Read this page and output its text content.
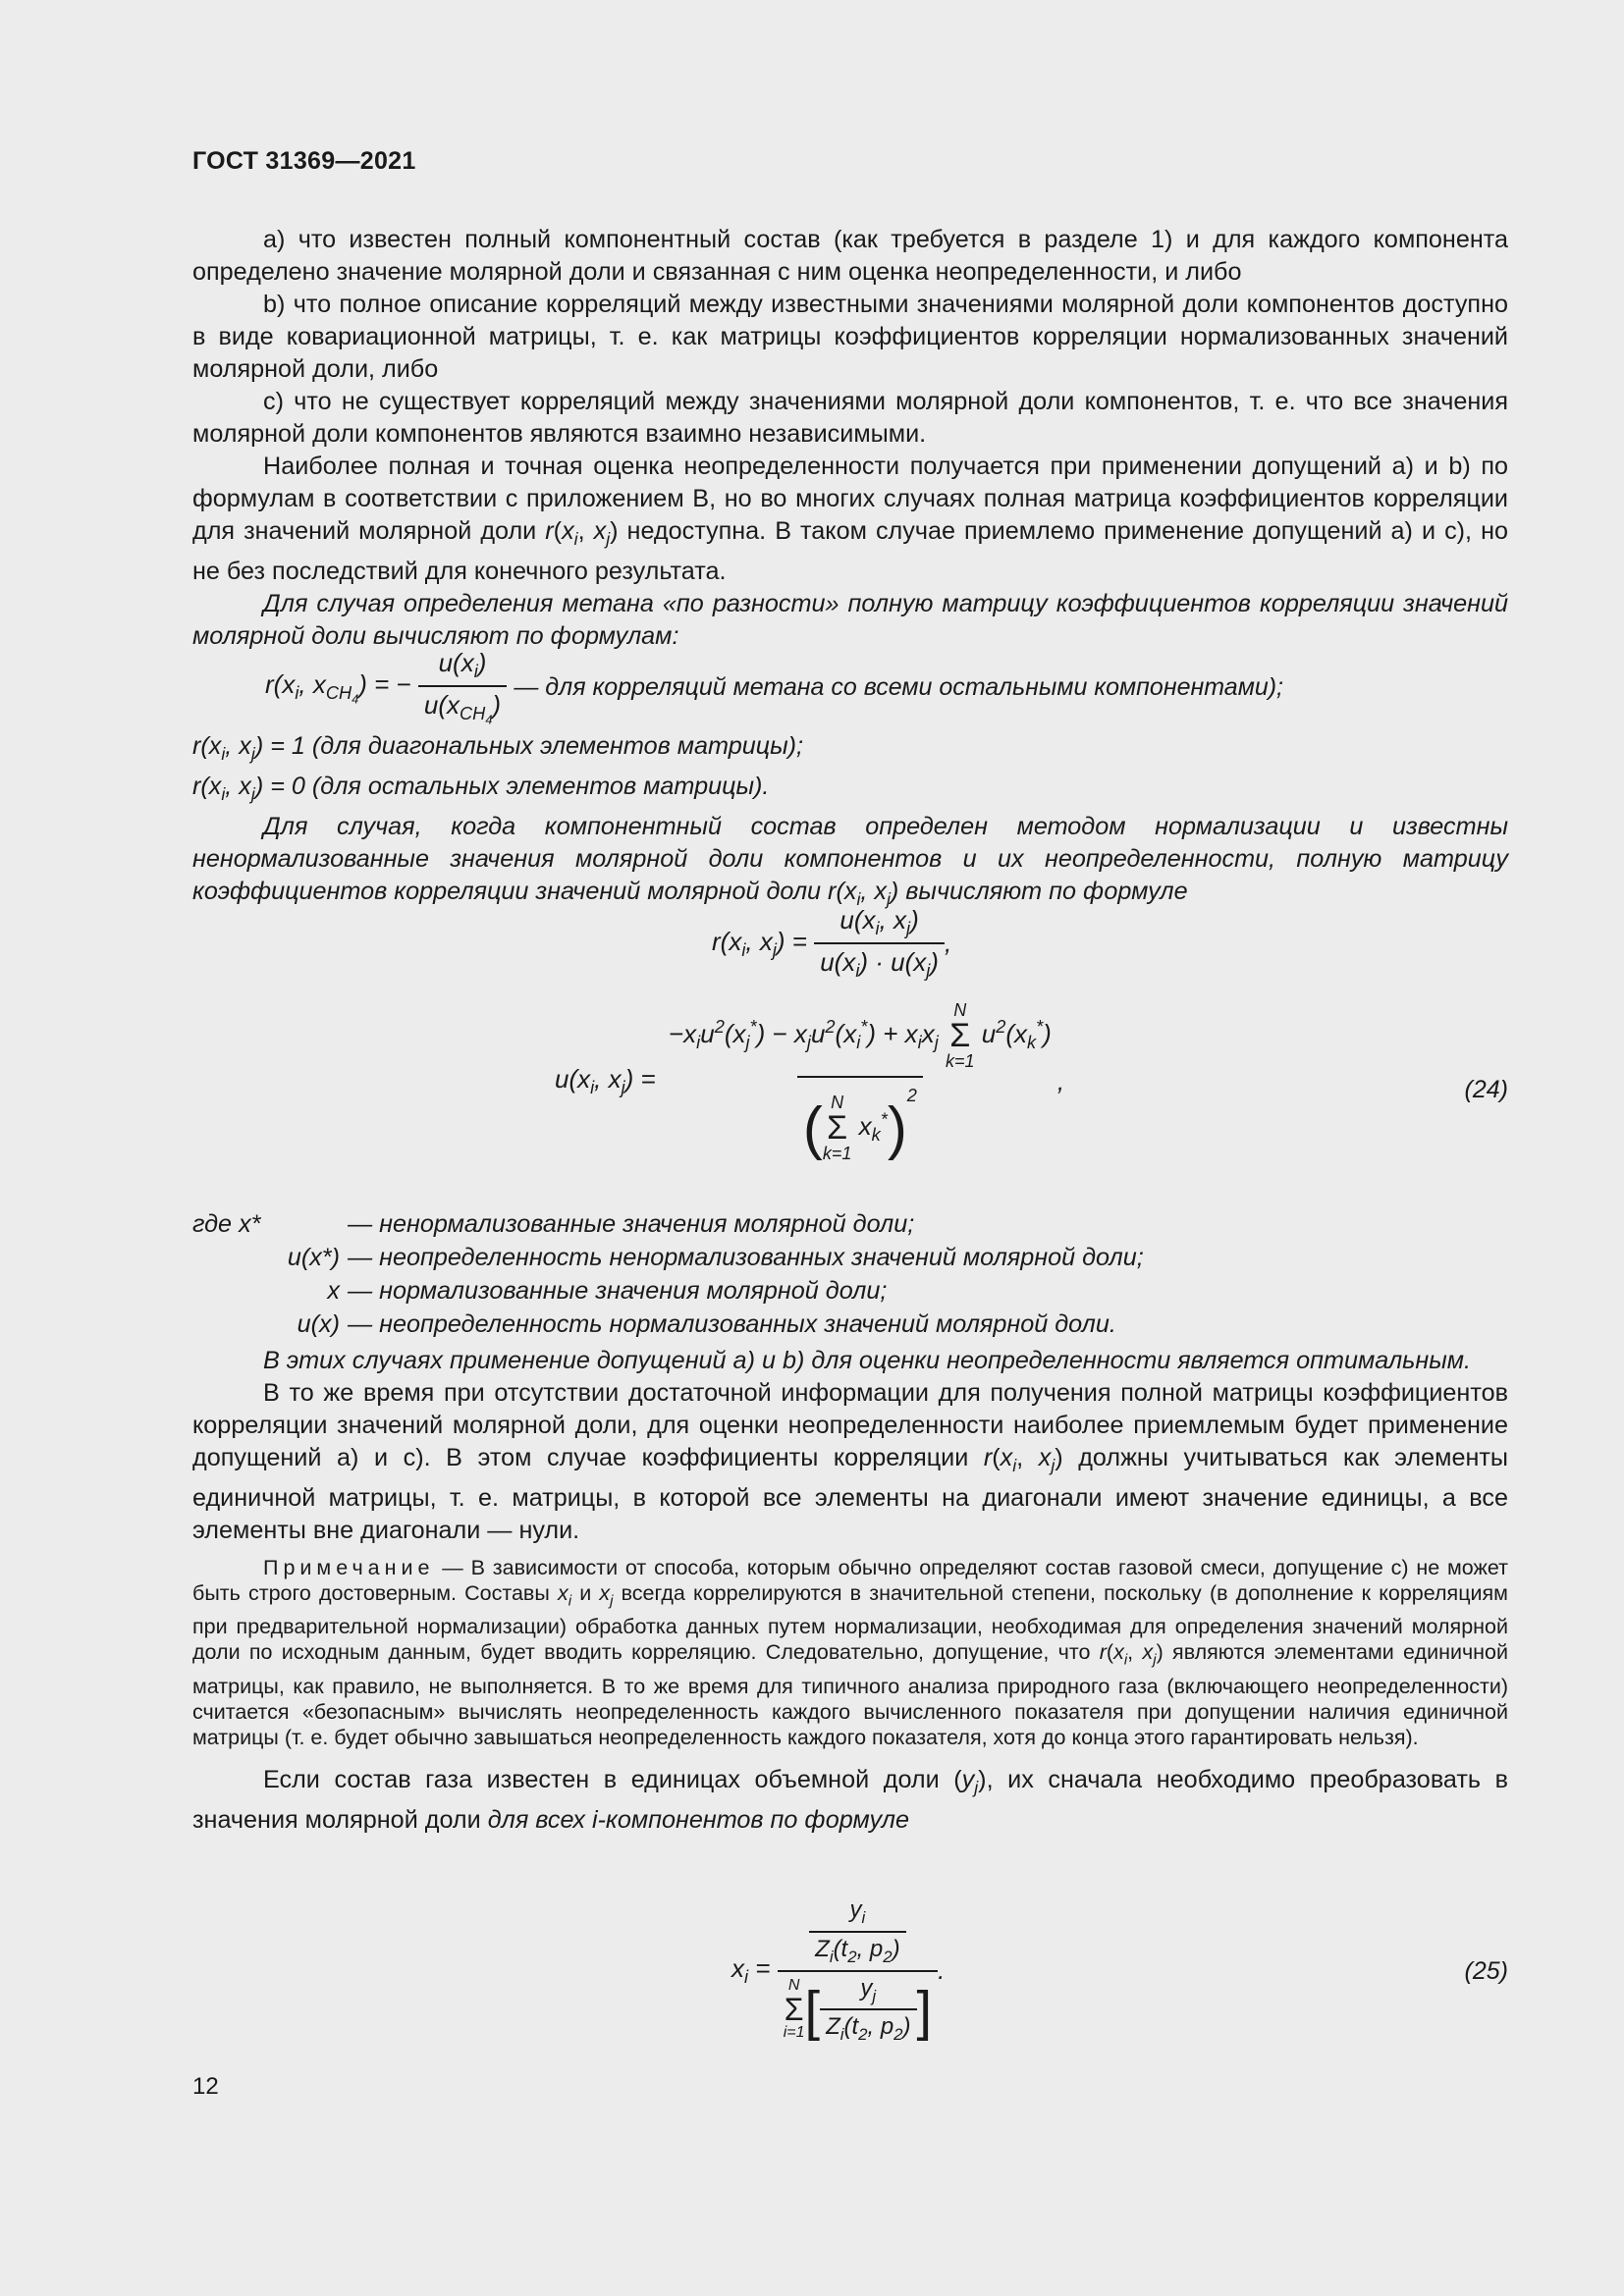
ГОСТ 31369—2021

а) что известен полный компонентный состав (как требуется в разделе 1) и для каждого компонента определено значение молярной доли и связанная с ним оценка неопределенности, и либо

b) что полное описание корреляций между известными значениями молярной доли компонентов доступно в виде ковариационной матрицы, т. е. как матрицы коэффициентов корреляции нормализованных значений молярной доли, либо

c) что не существует корреляций между значениями молярной доли компонентов, т. е. что все значения молярной доли компонентов являются взаимно независимыми.

Наиболее полная и точная оценка неопределенности получается при применении допущений а) и b) по формулам в соответствии с приложением В, но во многих случаях полная матрица коэффициентов корреляции для значений молярной доли $r(x_i$, $x_j$) недоступна. В таком случае приемлемо применение допущений а) и с), но не без последствий для конечного результата.

Для случая определения метана «по разности» полную матрицу коэффициентов корреляции значений молярной доли вычисляют по формулам:

$r(x_i$, $x_{CH_4}$) = − $\frac{u(x_i)}{u(x_{CH_4})}$ — для корреляций метана со всеми остальными компонентами);

$r(x_i$, $x_j) = 1$ (для диагональных элементов матрицы);

$r(x_i$, $x_j) = 0$ (для остальных элементов матрицы).

Для случая, когда компонентный состав определен методом нормализации и известны ненормализованные значения молярной доли компонентов и их неопределенности, полную матрицу коэффициентов корреляции значений молярной доли $r(x_i$, $x_j$) вычисляют по формуле

$r(x_i$, $x_j) = \frac{u(x_i, x_j)}{u(x_i) \cdot u(x_j)}$ ,
$u(x_i$, $x_j) = -x_iu^2(x_j^*) - x_ju^2(x_i^*) + x_ix_j$
N
Σ
k=1
$u^2(x_k^*)$
( N
Σ
k=1
$x_k^*)^2$ ,	(24)
где x*	— ненормализованные значения молярной доли;
u(x*) — неопределенность ненормализованных значений молярной доли;
x — нормализованные значения молярной доли;
u(x) — неопределенность нормализованных значений молярной доли.

В этих случаях применение допущений а) и b) для оценки неопределенности является оптимальным.

В то же время при отсутствии достаточной информации для получения полной матрицы коэффициентов корреляции значений молярной доли, для оценки неопределенности наиболее приемлемым будет применение допущений а) и с). В этом случае коэффициенты корреляции $r(x_i$, $x_j$) должны учитываться как элементы единичной матрицы, т. е. матрицы, в которой все элементы на диагонали имеют значение единицы, а все элементы вне диагонали — нули.

Примечание — В зависимости от способа, которым обычно определяют состав газовой смеси, допущение с) не может быть строго достоверным. Составы $x_i$ и $x_j$ всегда коррелируются в значительной степени, поскольку (в дополнение к корреляциям при предварительной нормализации) обработка данных путем нормализации, необходимая для определения значений молярной доли по исходным данным, будет вводить корреляцию. Следовательно, допущение, что $r(x_i$, $x_j$) являются элементами единичной матрицы, как правило, не выполняется. В то же время для типичного анализа природного газа (включающего неопределенности) считается «безопасным» вычислять неопределенность каждого вычисленного показателя при допущении наличия единичной матрицы (т. е. будет обычно завышаться неопределенность каждого показателя, хотя до конца этого гарантировать нельзя).

Если состав газа известен в единицах объемной доли $(y_j)$, их сначала необходимо преобразовать в значения молярной доли для всех i-компонентов по формуле

$x_i = \frac{y_i}{Z_i(t_2, p_2)}$
N
Σ
i=1 [ $\frac{y_j}{Z_i(t_2, p_2)}$ ] .	(25)
12
